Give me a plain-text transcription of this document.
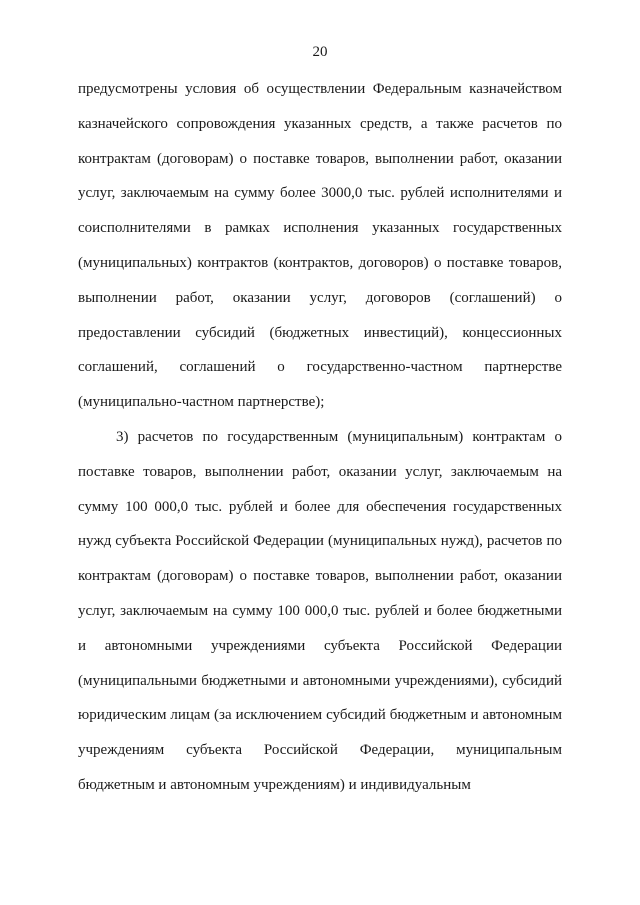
20

предусмотрены условия об осуществлении Федеральным казначейством казначейского сопровождения указанных средств, а также расчетов по контрактам (договорам) о поставке товаров, выполнении работ, оказании услуг, заключаемым на сумму более 3000,0 тыс. рублей исполнителями и соисполнителями в рамках исполнения указанных государственных (муниципальных) контрактов (контрактов, договоров) о поставке товаров, выполнении работ, оказании услуг, договоров (соглашений) о предоставлении субсидий (бюджетных инвестиций), концессионных соглашений, соглашений о государственно-частном партнерстве (муниципально-частном партнерстве);

3) расчетов по государственным (муниципальным) контрактам о поставке товаров, выполнении работ, оказании услуг, заключаемым на сумму 100 000,0 тыс. рублей и более для обеспечения государственных нужд субъекта Российской Федерации (муниципальных нужд), расчетов по контрактам (договорам) о поставке товаров, выполнении работ, оказании услуг, заключаемым на сумму 100 000,0 тыс. рублей и более бюджетными и автономными учреждениями субъекта Российской Федерации (муниципальными бюджетными и автономными учреждениями), субсидий юридическим лицам (за исключением субсидий бюджетным и автономным учреждениям субъекта Российской Федерации, муниципальным бюджетным и автономным учреждениям) и индивидуальным
